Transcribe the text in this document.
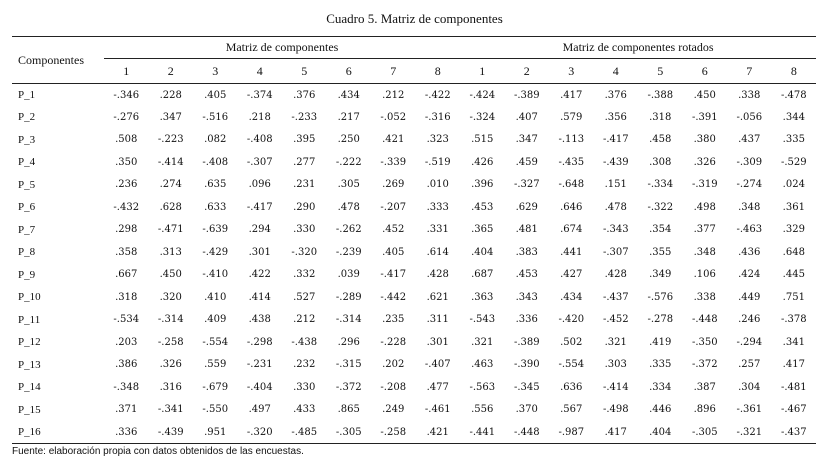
Cuadro 5. Matriz de componentes
Componentes	Matriz de componentes								Matriz de componentes rotados							
	1	2	3	4	5	6	7	8	1	2	3	4	5	6	7	8
P_1	-.346	.228	.405	-.374	.376	.434	.212	-.422	-.424	-.389	.417	.376	-.388	.450	.338	-.478
P_2	-.276	.347	-.516	.218	-.233	.217	-.052	-.316	-.324	.407	.579	.356	.318	-.391	-.056	.344
P_3	.508	-.223	.082	-.408	.395	.250	.421	.323	.515	.347	-.113	-.417	.458	.380	.437	.335
P_4	.350	-.414	-.408	-.307	.277	-.222	-.339	-.519	.426	.459	-.435	-.439	.308	.326	-.309	-.529
P_5	.236	.274	.635	.096	.231	.305	.269	.010	.396	-.327	-.648	.151	-.334	-.319	-.274	.024
P_6	-.432	.628	.633	-.417	.290	.478	-.207	.333	.453	.629	.646	.478	-.322	.498	.348	.361
P_7	.298	-.471	-.639	.294	.330	-.262	.452	.331	.365	.481	.674	-.343	.354	.377	-.463	.329
P_8	.358	.313	-.429	.301	-.320	-.239	.405	.614	.404	.383	.441	-.307	.355	.348	.436	.648
P_9	.667	.450	-.410	.422	.332	.039	-.417	.428	.687	.453	.427	.428	.349	.106	.424	.445
P_10	.318	.320	.410	.414	.527	-.289	-.442	.621	.363	.343	.434	-.437	-.576	.338	.449	.751
P_11	-.534	-.314	.409	.438	.212	-.314	.235	.311	-.543	.336	-.420	-.452	-.278	-.448	.246	-.378
P_12	.203	-.258	-.554	-.298	-.438	.296	-.228	.301	.321	-.389	.502	.321	.419	-.350	-.294	.341
P_13	.386	.326	.559	-.231	.232	-.315	.202	-.407	.463	-.390	-.554	.303	.335	-.372	.257	.417
P_14	-.348	.316	-.679	-.404	.330	-.372	-.208	.477	-.563	-.345	.636	-.414	.334	.387	.304	-.481
P_15	.371	-.341	-.550	.497	.433	.865	.249	-.461	.556	.370	.567	-.498	.446	.896	-.361	-.467
P_16	.336	-.439	.951	-.320	-.485	-.305	-.258	.421	-.441	-.448	-.987	.417	.404	-.305	-.321	-.437
Fuente: elaboración propia con datos obtenidos de las encuestas.
